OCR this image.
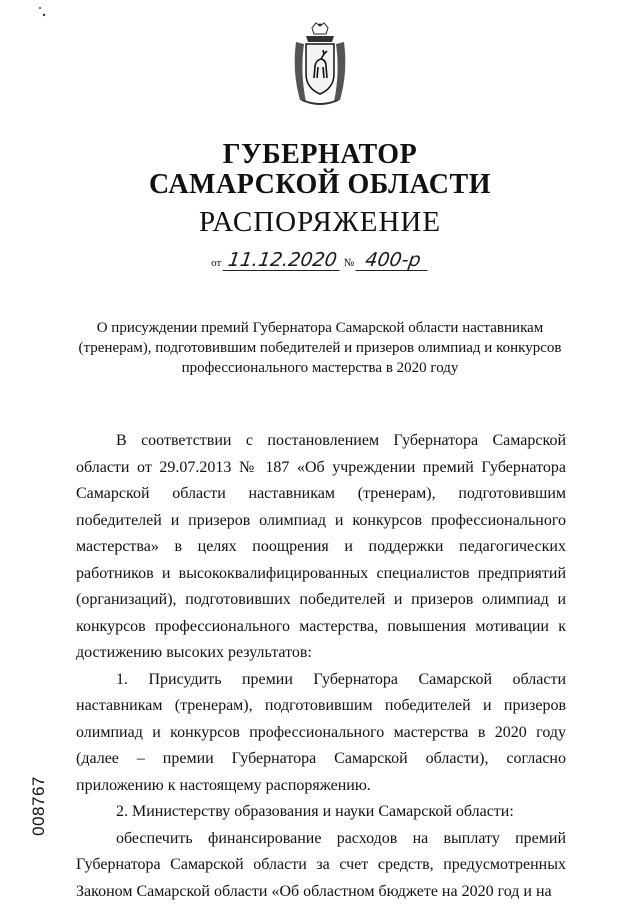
ГУБЕРНАТОР
САМАРСКОЙ ОБЛАСТИ
РАСПОРЯЖЕНИЕ
от 11.12.2020 № 400-р
О присуждении премий Губернатора Самарской области наставникам (тренерам), подготовившим победителей и призеров олимпиад и конкурсов профессионального мастерства в 2020 году

В соответствии с постановлением Губернатора Самарской области от 29.07.2013 № 187 «Об учреждении премий Губернатора Самарской области наставникам (тренерам), подготовившим победителей и призеров олимпиад и конкурсов профессионального мастерства» в целях поощрения и поддержки педагогических работников и высококвалифицированных специалистов предприятий (организаций), подготовивших победителей и призеров олимпиад и конкурсов профессионального мастерства, повышения мотивации к достижению высоких результатов:

1. Присудить премии Губернатора Самарской области наставникам (тренерам), подготовившим победителей и призеров олимпиад и конкурсов профессионального мастерства в 2020 году (далее – премии Губернатора Самарской области), согласно приложению к настоящему распоряжению.

2. Министерству образования и науки Самарской области:

обеспечить финансирование расходов на выплату премий Губернатора Самарской области за счет средств, предусмотренных Законом Самарской области «Об областном бюджете на 2020 год и на

008767
